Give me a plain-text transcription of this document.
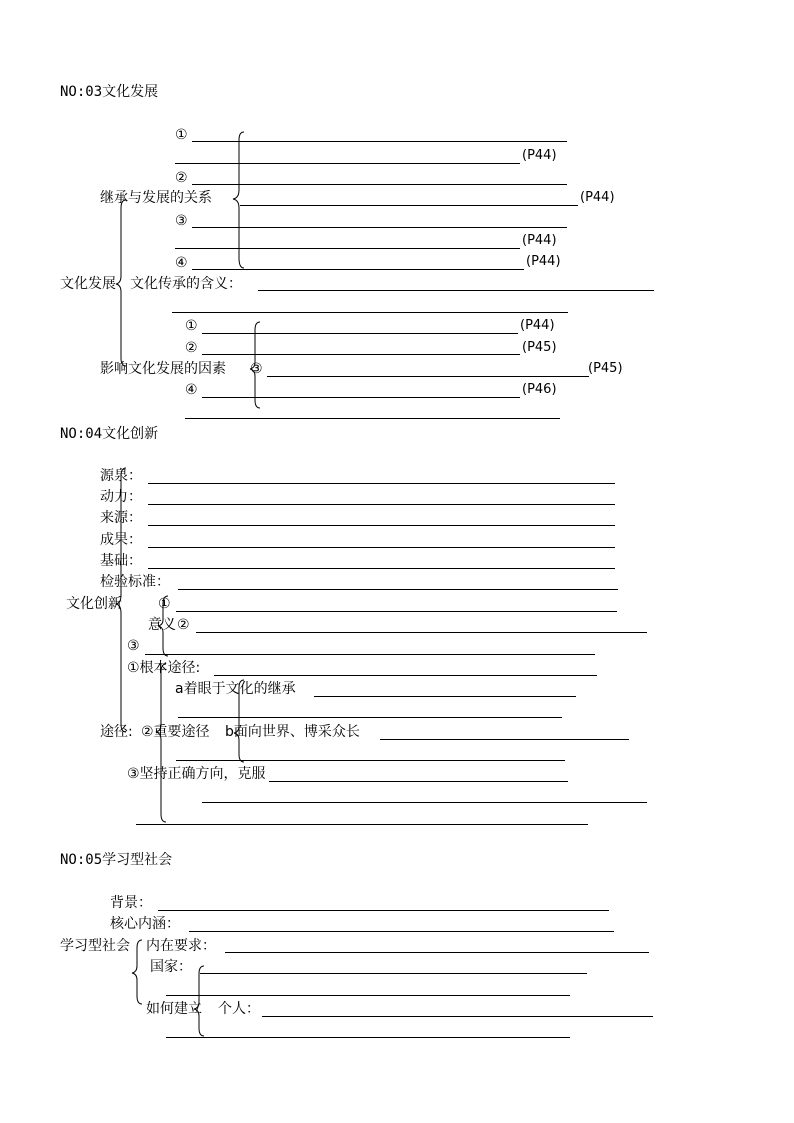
NO:03文化发展
①
(P44)
②
继承与发展的关系	(P44)
③
(P44)
④	(P44)
文化发展 文化传承的含义：
①	(P44)
②	(P45)
影响文化发展的因素 ③	(P45)
④	(P46)
NO:04文化创新
源泉：
动力：
来源：
成果：
基础：
检验标准：
文化创新	①
意义 ②
③
①根本途径:
a着眼于文化的继承
途径: ②重要途径 b面向世界、博采众长
③坚持正确方向，克服
NO:05学习型社会
背景：
核心内涵：
学习型社会 内在要求：
国家：
如何建立 个人：
